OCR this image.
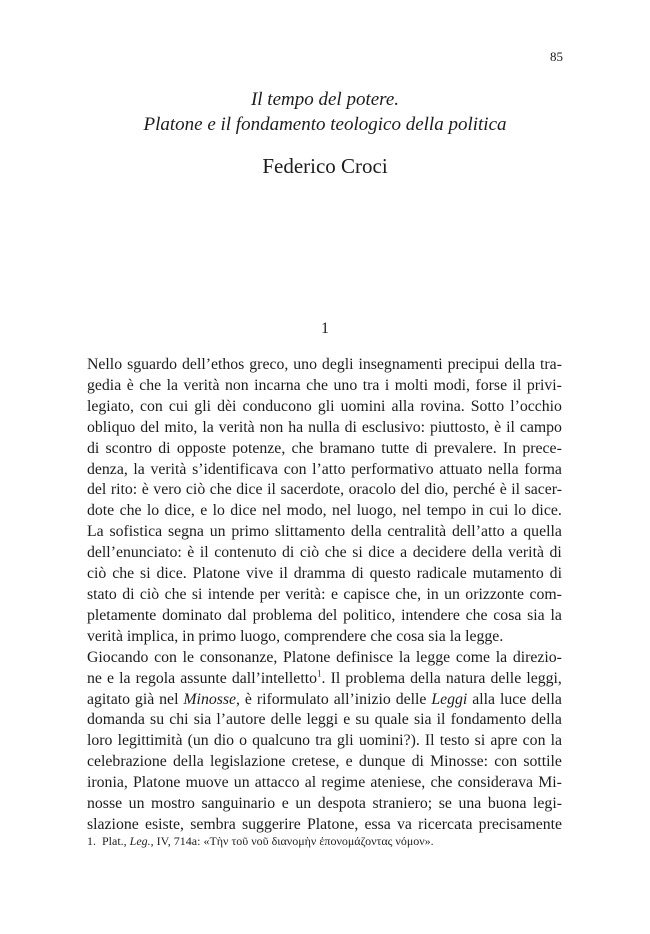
85
Il tempo del potere.
Platone e il fondamento teologico della politica
Federico Croci
1
Nello sguardo dell’ethos greco, uno degli insegnamenti precipui della tra-
gedia è che la verità non incarna che uno tra i molti modi, forse il privi-
legiato, con cui gli dèi conducono gli uomini alla rovina. Sotto l’occhio
obliquo del mito, la verità non ha nulla di esclusivo: piuttosto, è il campo
di scontro di opposte potenze, che bramano tutte di prevalere. In prece-
denza, la verità s’identificava con l’atto performativo attuato nella forma
del rito: è vero ciò che dice il sacerdote, oracolo del dio, perché è il sacer-
dote che lo dice, e lo dice nel modo, nel luogo, nel tempo in cui lo dice.
La sofistica segna un primo slittamento della centralità dell’atto a quella
dell’enunciato: è il contenuto di ciò che si dice a decidere della verità di
ciò che si dice. Platone vive il dramma di questo radicale mutamento di
stato di ciò che si intende per verità: e capisce che, in un orizzonte com-
pletamente dominato dal problema del politico, intendere che cosa sia la
verità implica, in primo luogo, comprendere che cosa sia la legge.
Giocando con le consonanze, Platone definisce la legge come la direzio-
ne e la regola assunte dall’intelletto$^1$. Il problema della natura delle leggi,
agitato già nel Minosse, è riformulato all’inizio delle Leggi alla luce della
domanda su chi sia l’autore delle leggi e su quale sia il fondamento della
loro legittimità (un dio o qualcuno tra gli uomini?). Il testo si apre con la
celebrazione della legislazione cretese, e dunque di Minosse: con sottile
ironia, Platone muove un attacco al regime ateniese, che considerava Mi-
nosse un mostro sanguinario e un despota straniero; se una buona legi-
slazione esiste, sembra suggerire Platone, essa va ricercata precisamente
1. Plat., Leg., IV, 714a: «Τὴν τοῦ νοῦ διανομὴν ἐπονομάζοντας νόμον».
